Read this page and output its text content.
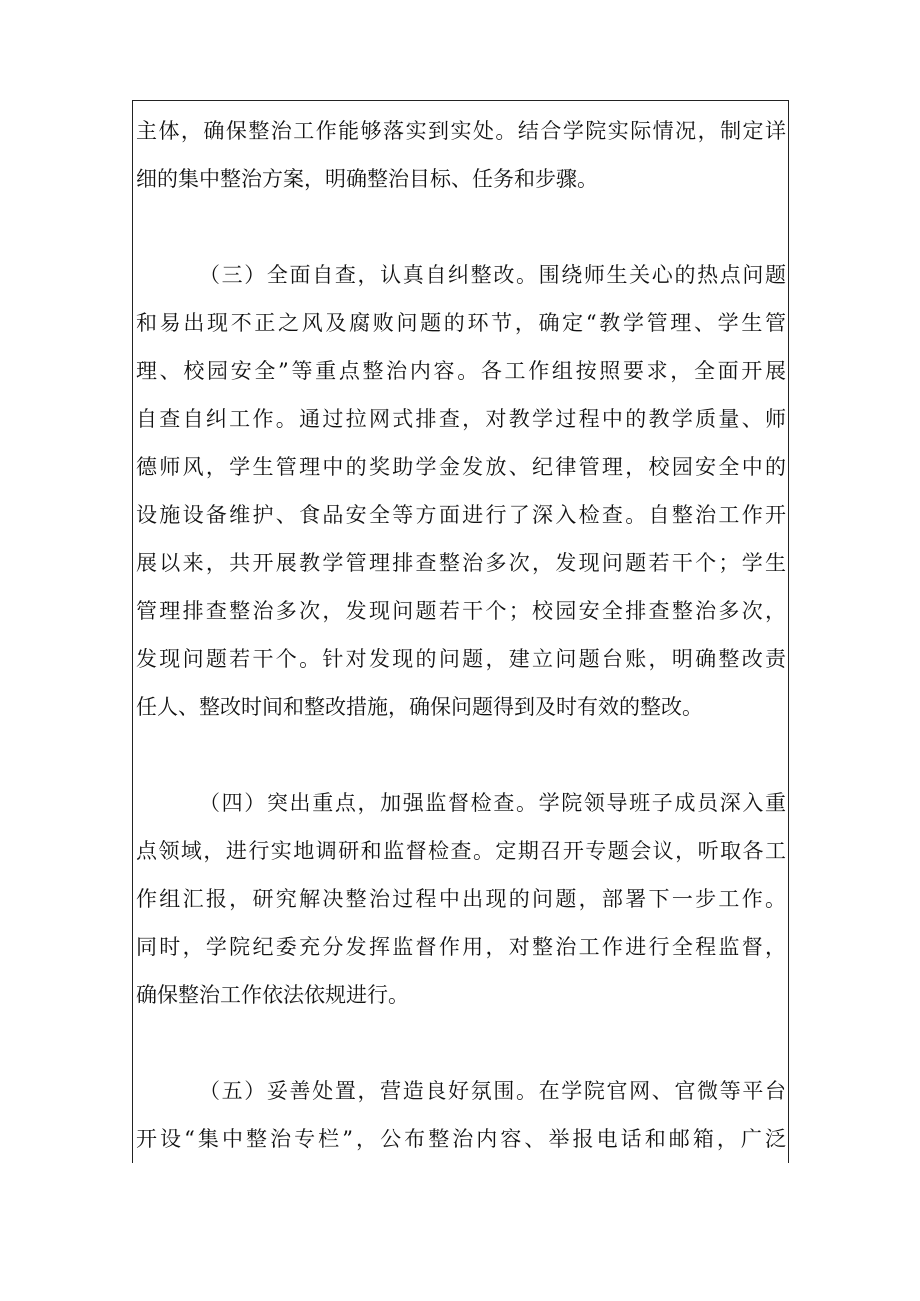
主体，确保整治工作能够落实到实处。结合学院实际情况，制定详
细的集中整治方案，明确整治目标、任务和步骤。
（三）全面自查，认真自纠整改。围绕师生关心的热点问题
和易出现不正之风及腐败问题的环节，确定“教学管理、学生管
理、校园安全”等重点整治内容。各工作组按照要求，全面开展
自查自纠工作。通过拉网式排查，对教学过程中的教学质量、师
德师风，学生管理中的奖助学金发放、纪律管理，校园安全中的
设施设备维护、食品安全等方面进行了深入检查。自整治工作开
展以来，共开展教学管理排查整治多次，发现问题若干个；学生
管理排查整治多次，发现问题若干个；校园安全排查整治多次，
发现问题若干个。针对发现的问题，建立问题台账，明确整改责
任人、整改时间和整改措施，确保问题得到及时有效的整改。
（四）突出重点，加强监督检查。学院领导班子成员深入重
点领域，进行实地调研和监督检查。定期召开专题会议，听取各工
作组汇报，研究解决整治过程中出现的问题，部署下一步工作。
同时，学院纪委充分发挥监督作用，对整治工作进行全程监督，
确保整治工作依法依规进行。
（五）妥善处置，营造良好氛围。在学院官网、官微等平台
开设“集中整治专栏”，公布整治内容、举报电话和邮箱，广泛
